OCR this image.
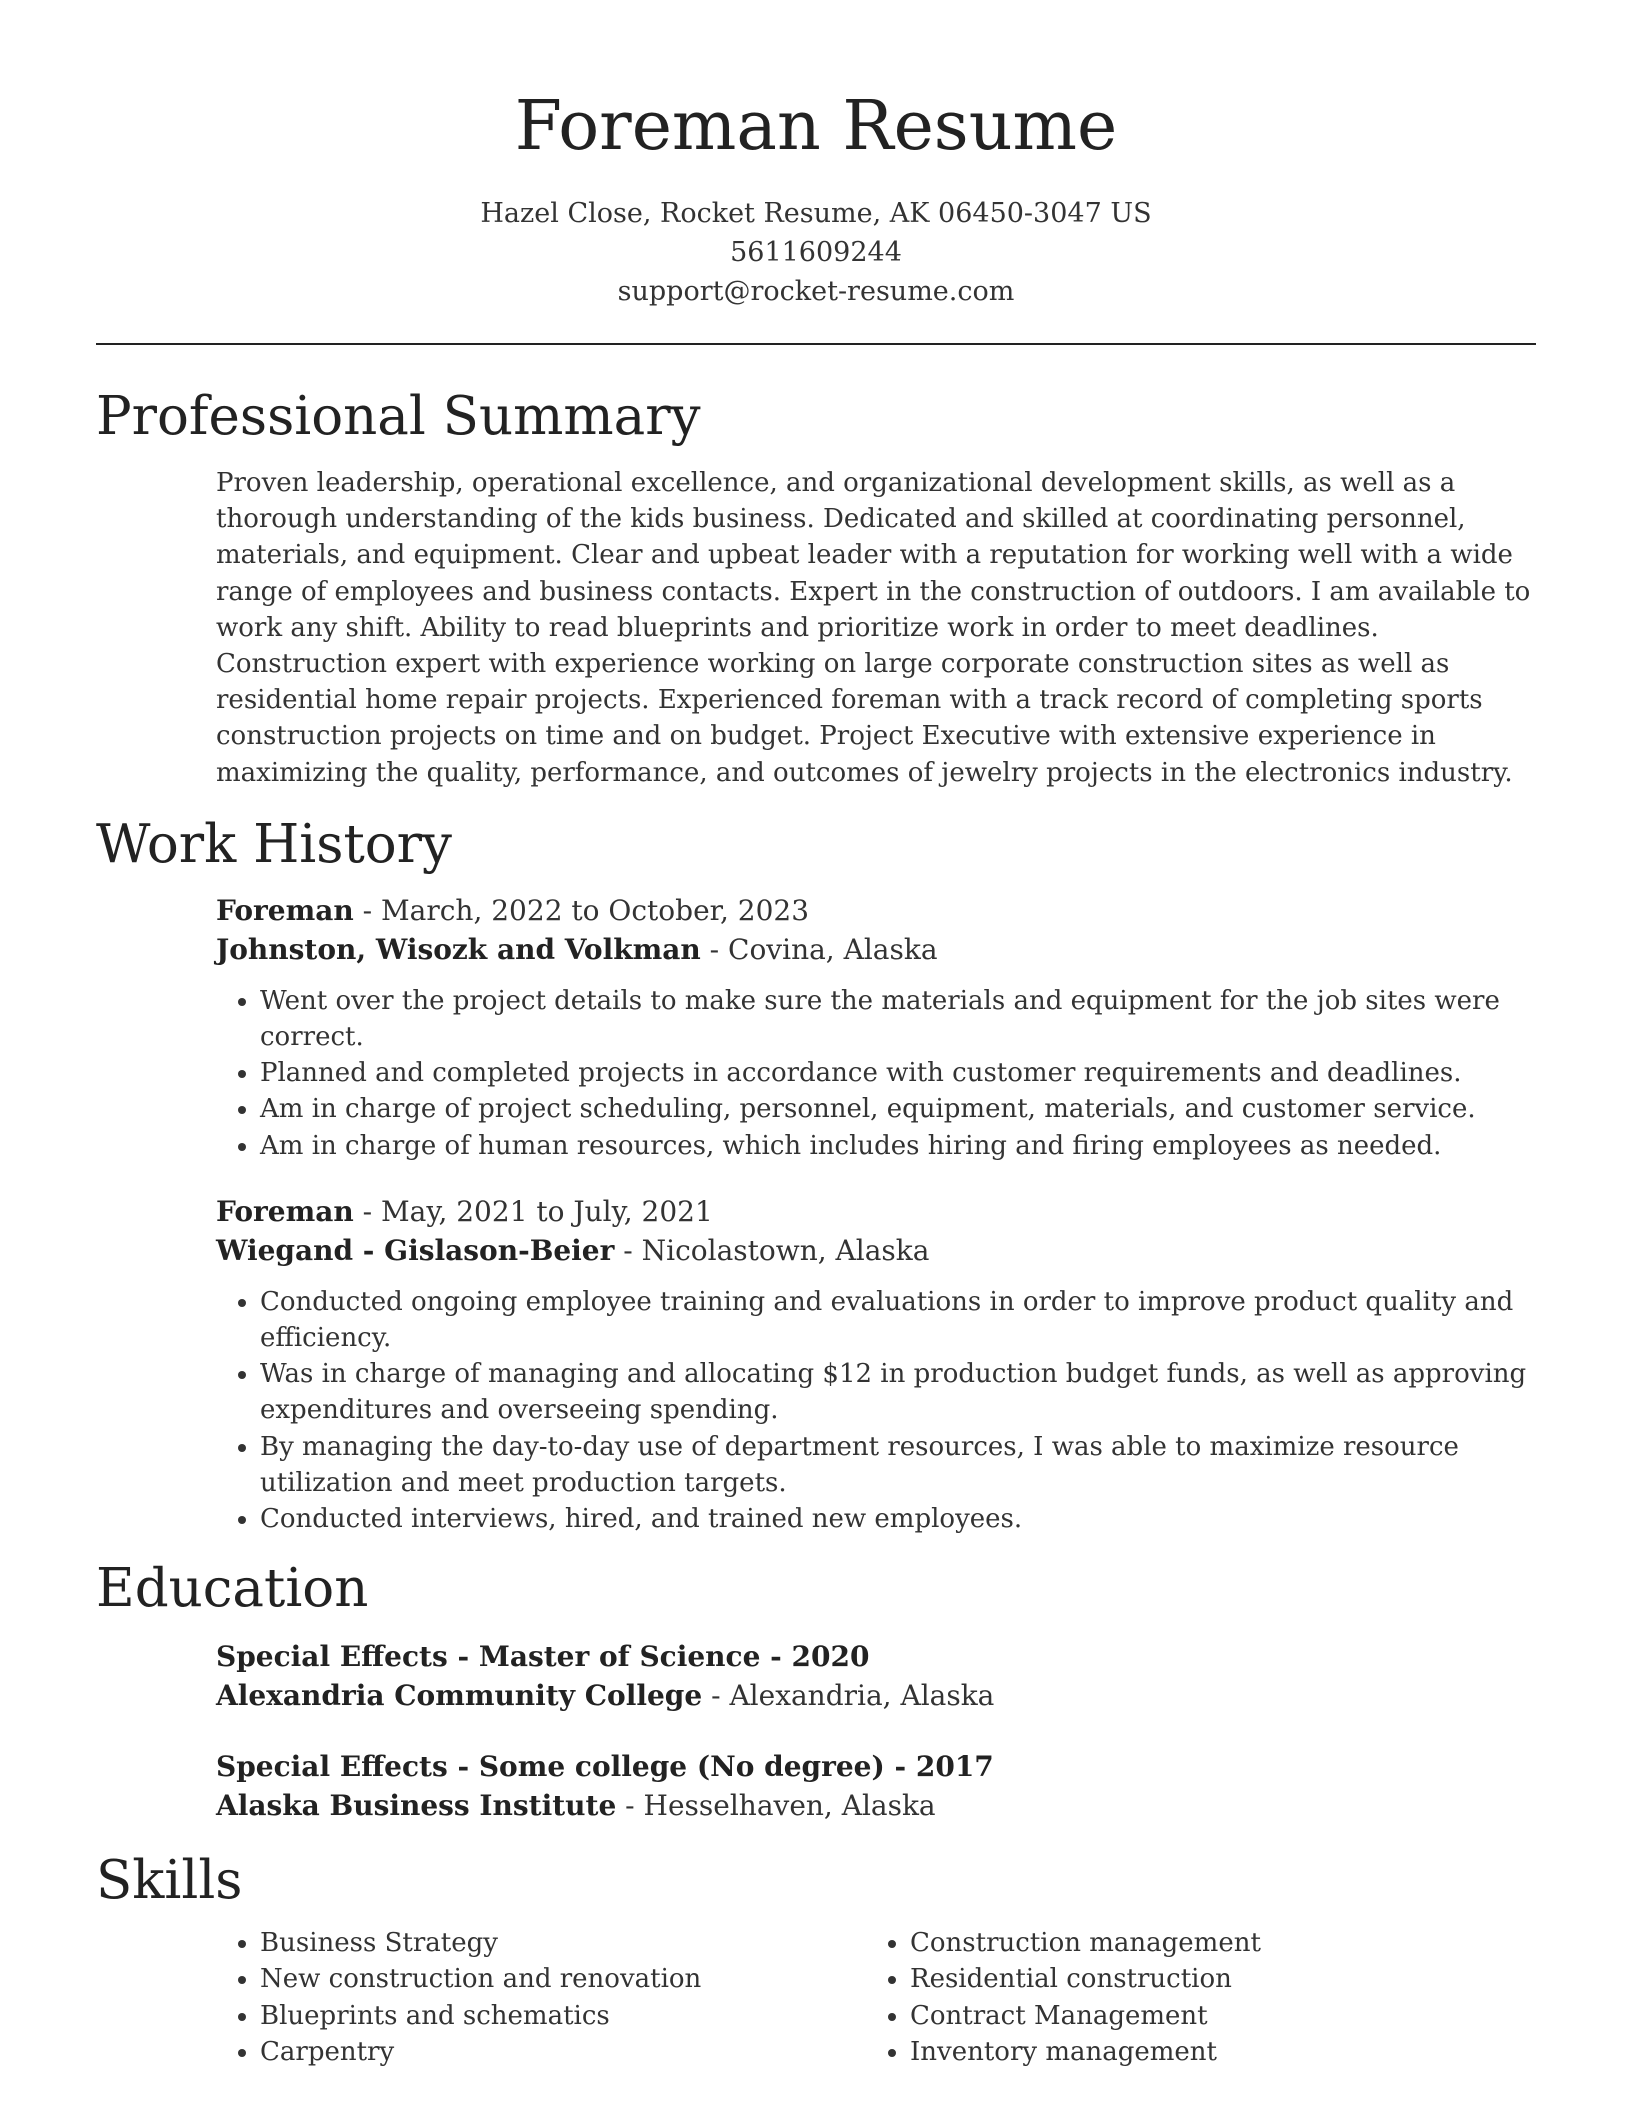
Foreman Resume
Hazel Close, Rocket Resume, AK 06450-3047 US
5611609244
support@rocket-resume.com
Professional Summary

Proven leadership, operational excellence, and organizational development skills, as well as a thorough understanding of the kids business. Dedicated and skilled at coordinating personnel, materials, and equipment. Clear and upbeat leader with a reputation for working well with a wide range of employees and business contacts. Expert in the construction of outdoors. I am available to work any shift. Ability to read blueprints and prioritize work in order to meet deadlines. Construction expert with experience working on large corporate construction sites as well as residential home repair projects. Experienced foreman with a track record of completing sports construction projects on time and on budget. Project Executive with extensive experience in maximizing the quality, performance, and outcomes of jewelry projects in the electronics industry.

Work History
Foreman - March, 2022 to October, 2023
Johnston, Wisozk and Volkman - Covina, Alaska
• Went over the project details to make sure the materials and equipment for the job sites were correct.
• Planned and completed projects in accordance with customer requirements and deadlines.
• Am in charge of project scheduling, personnel, equipment, materials, and customer service.
• Am in charge of human resources, which includes hiring and firing employees as needed.
Foreman - May, 2021 to July, 2021
Wiegand - Gislason-Beier - Nicolastown, Alaska
• Conducted ongoing employee training and evaluations in order to improve product quality and efficiency.
• Was in charge of managing and allocating $12 in production budget funds, as well as approving expenditures and overseeing spending.
• By managing the day-to-day use of department resources, I was able to maximize resource utilization and meet production targets.
• Conducted interviews, hired, and trained new employees.
Education
Special Effects - Master of Science - 2020
Alexandria Community College - Alexandria, Alaska
Special Effects - Some college (No degree) - 2017
Alaska Business Institute - Hesselhaven, Alaska
Skills
• Business Strategy
• New construction and renovation
• Blueprints and schematics
• Carpentry
• Construction management
• Residential construction
• Contract Management
• Inventory management
